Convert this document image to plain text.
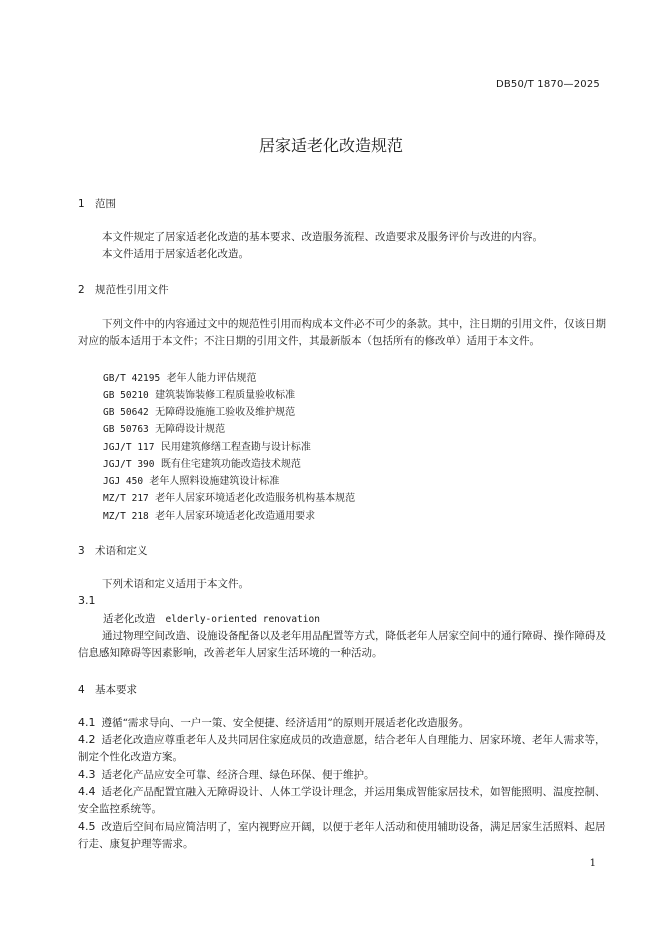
DB50/T 1870—2025
居家适老化改造规范
1 范围
本文件规定了居家适老化改造的基本要求、改造服务流程、改造要求及服务评价与改进的内容。
本文件适用于居家适老化改造。
2 规范性引用文件
下列文件中的内容通过文中的规范性引用而构成本文件必不可少的条款。其中，注日期的引用文件，仅该日期对应的版本适用于本文件；不注日期的引用文件，其最新版本（包括所有的修改单）适用于本文件。
GB/T 42195 老年人能力评估规范
GB 50210 建筑装饰装修工程质量验收标准
GB 50642 无障碍设施施工验收及维护规范
GB 50763 无障碍设计规范
JGJ/T 117 民用建筑修缮工程查勘与设计标准
JGJ/T 390 既有住宅建筑功能改造技术规范
JGJ 450 老年人照料设施建筑设计标准
MZ/T 217 老年人居家环境适老化改造服务机构基本规范
MZ/T 218 老年人居家环境适老化改造通用要求
3 术语和定义
下列术语和定义适用于本文件。
3.1
适老化改造 elderly-oriented renovation
通过物理空间改造、设施设备配备以及老年用品配置等方式，降低老年人居家空间中的通行障碍、操作障碍及信息感知障碍等因素影响，改善老年人居家生活环境的一种活动。
4 基本要求
4.1 遵循“需求导向、一户一策、安全便捷、经济适用”的原则开展适老化改造服务。
4.2 适老化改造应尊重老年人及共同居住家庭成员的改造意愿，结合老年人自理能力、居家环境、老年人需求等，制定个性化改造方案。
4.3 适老化产品应安全可靠、经济合理、绿色环保、便于维护。
4.4 适老化产品配置宜融入无障碍设计、人体工学设计理念，并运用集成智能家居技术，如智能照明、温度控制、安全监控系统等。
4.5 改造后空间布局应简洁明了，室内视野应开阔，以便于老年人活动和使用辅助设备，满足居家生活照料、起居行走、康复护理等需求。
1
